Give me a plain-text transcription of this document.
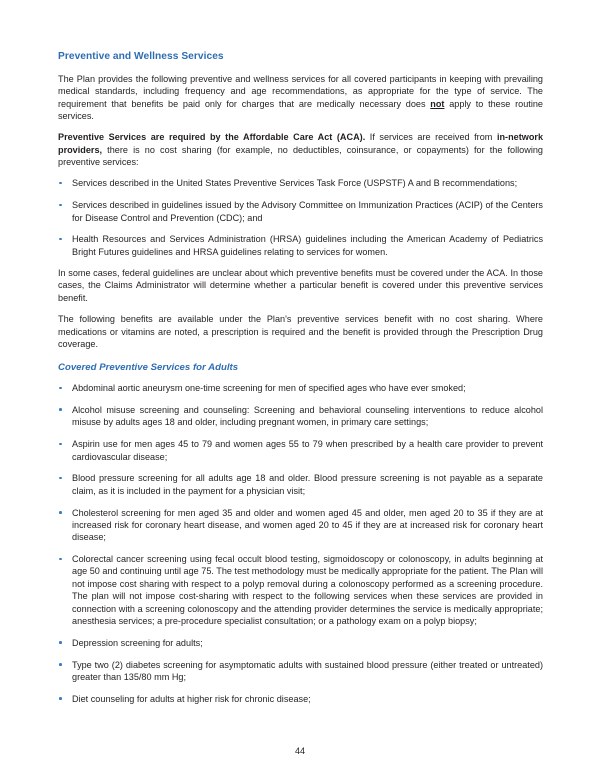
Preventive and Wellness Services

The Plan provides the following preventive and wellness services for all covered participants in keeping with prevailing medical standards, including frequency and age recommendations, as appropriate for the type of service. The requirement that benefits be paid only for charges that are medically necessary does not apply to these routine services.

Preventive Services are required by the Affordable Care Act (ACA). If services are received from in-network providers, there is no cost sharing (for example, no deductibles, coinsurance, or copayments) for the following preventive services:

Services described in the United States Preventive Services Task Force (USPSTF) A and B recommendations;
Services described in guidelines issued by the Advisory Committee on Immunization Practices (ACIP) of the Centers for Disease Control and Prevention (CDC); and
Health Resources and Services Administration (HRSA) guidelines including the American Academy of Pediatrics Bright Futures guidelines and HRSA guidelines relating to services for women.

In some cases, federal guidelines are unclear about which preventive benefits must be covered under the ACA. In those cases, the Claims Administrator will determine whether a particular benefit is covered under this preventive services benefit.

The following benefits are available under the Plan's preventive services benefit with no cost sharing. Where medications or vitamins are noted, a prescription is required and the benefit is provided through the Prescription Drug coverage.

Covered Preventive Services for Adults
Abdominal aortic aneurysm one-time screening for men of specified ages who have ever smoked;
Alcohol misuse screening and counseling: Screening and behavioral counseling interventions to reduce alcohol misuse by adults ages 18 and older, including pregnant women, in primary care settings;
Aspirin use for men ages 45 to 79 and women ages 55 to 79 when prescribed by a health care provider to prevent cardiovascular disease;
Blood pressure screening for all adults age 18 and older. Blood pressure screening is not payable as a separate claim, as it is included in the payment for a physician visit;
Cholesterol screening for men aged 35 and older and women aged 45 and older, men aged 20 to 35 if they are at increased risk for coronary heart disease, and women aged 20 to 45 if they are at increased risk for coronary heart disease;
Colorectal cancer screening using fecal occult blood testing, sigmoidoscopy or colonoscopy, in adults beginning at age 50 and continuing until age 75. The test methodology must be medically appropriate for the patient. The Plan will not impose cost sharing with respect to a polyp removal during a colonoscopy performed as a screening procedure. The plan will not impose cost-sharing with respect to the following services when these services are provided in connection with a screening colonoscopy and the attending provider determines the service is medically appropriate; anesthesia services; a pre-procedure specialist consultation; or a pathology exam on a polyp biopsy;
Depression screening for adults;
Type two (2) diabetes screening for asymptomatic adults with sustained blood pressure (either treated or untreated) greater than 135/80 mm Hg;
Diet counseling for adults at higher risk for chronic disease;
44
